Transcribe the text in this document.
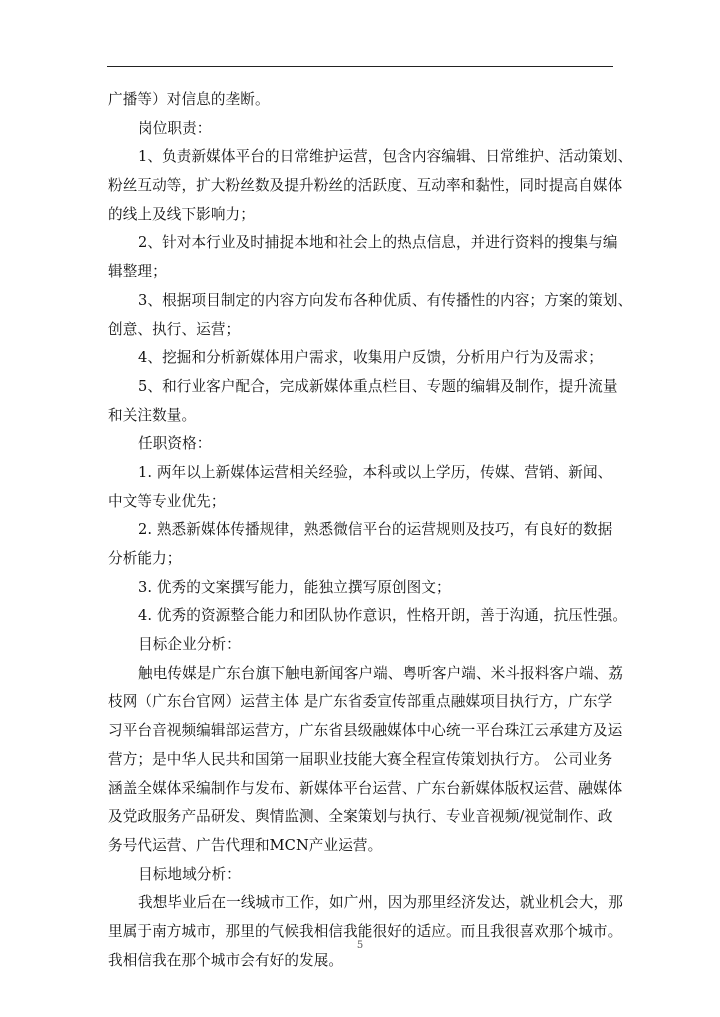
广播等）对信息的垄断。
岗位职责：
1、负责新媒体平台的日常维护运营，包含内容编辑、日常维护、活动策划、
粉丝互动等，扩大粉丝数及提升粉丝的活跃度、互动率和黏性，同时提高自媒体
的线上及线下影响力；
2、针对本行业及时捕捉本地和社会上的热点信息，并进行资料的搜集与编
辑整理；
3、根据项目制定的内容方向发布各种优质、有传播性的内容；方案的策划、
创意、执行、运营；
4、挖掘和分析新媒体用户需求，收集用户反馈，分析用户行为及需求；
5、和行业客户配合，完成新媒体重点栏目、专题的编辑及制作，提升流量
和关注数量。
任职资格：
1. 两年以上新媒体运营相关经验，本科或以上学历，传媒、营销、新闻、
中文等专业优先；
2. 熟悉新媒体传播规律，熟悉微信平台的运营规则及技巧，有良好的数据
分析能力；
3. 优秀的文案撰写能力，能独立撰写原创图文；
4. 优秀的资源整合能力和团队协作意识，性格开朗，善于沟通，抗压性强。
目标企业分析：
触电传媒是广东台旗下触电新闻客户端、粤听客户端、米斗报料客户端、荔
枝网（广东台官网）运营主体 是广东省委宣传部重点融媒项目执行方，广东学
习平台音视频编辑部运营方，广东省县级融媒体中心统一平台珠江云承建方及运
营方；是中华人民共和国第一届职业技能大赛全程宣传策划执行方。 公司业务
涵盖全媒体采编制作与发布、新媒体平台运营、广东台新媒体版权运营、融媒体
及党政服务产品研发、舆情监测、全案策划与执行、专业音视频/视觉制作、政
务号代运营、广告代理和MCN产业运营。
目标地域分析：
我想毕业后在一线城市工作，如广州，因为那里经济发达，就业机会大，那
里属于南方城市，那里的气候我相信我能很好的适应。而且我很喜欢那个城市。
我相信我在那个城市会有好的发展。
5
